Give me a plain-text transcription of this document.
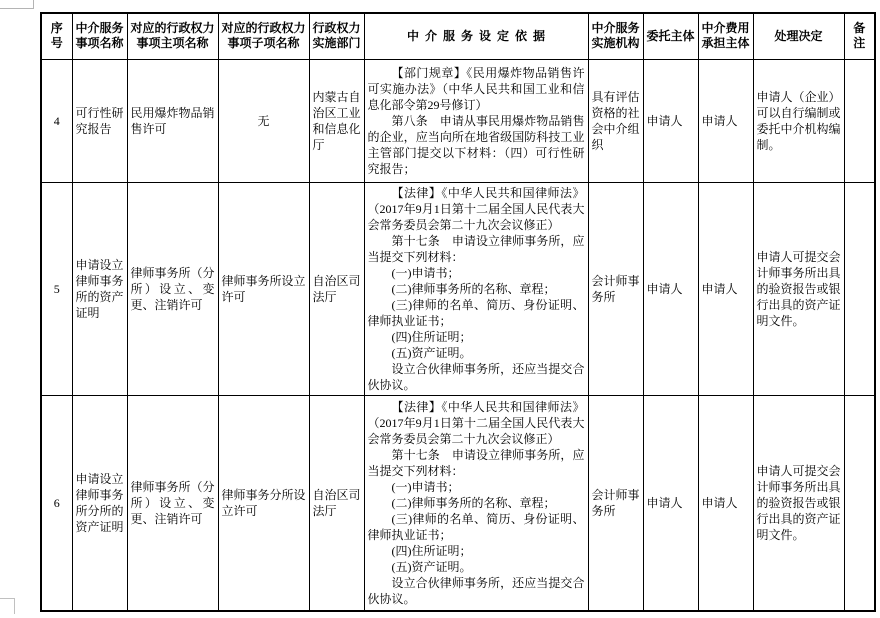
序号	中介服务事项名称	对应的行政权力事项主项名称	对应的行政权力事项子项名称	行政权力实施部门	中介服务设定依据	中介服务实施机构	委托主体	中介费用承担主体	处理决定	备注
4	可行性研究报告	民用爆炸物品销售许可	无	内蒙古自治区工业和信息化厅	【部门规章】《民用爆炸物品销售许可实施办法》（中华人民共和国工业和信息化部令第29号修订）

第八条　申请从事民用爆炸物品销售的企业，应当向所在地省级国防科技工业主管部门提交以下材料：（四）可行性研究报告；	具有评估资格的社会中介组织	申请人	申请人	申请人（企业）可以自行编制或委托中介机构编制。	
5	申请设立律师事务所的资产证明	律师事务所（分所）设立、变更、注销许可	律师事务所设立许可	自治区司法厅	

【法律】《中华人民共和国律师法》（2017年9月1日第十二届全国人民代表大会常务委员会第二十九次会议修正）

第十七条　申请设立律师事务所，应当提交下列材料：

(一)申请书；

(二)律师事务所的名称、章程；

(三)律师的名单、简历、身份证明、律师执业证书；

(四)住所证明；

(五)资产证明。

设立合伙律师事务所，还应当提交合伙协议。

	会计师事务所	申请人	申请人	申请人可提交会计师事务所出具的验资报告或银行出具的资产证明文件。	
6	申请设立律师事务所分所的资产证明	律师事务所（分所）设立、变更、注销许可	律师事务分所设立许可	自治区司法厅	

【法律】《中华人民共和国律师法》（2017年9月1日第十二届全国人民代表大会常务委员会第二十九次会议修正）

第十七条　申请设立律师事务所，应当提交下列材料：

(一)申请书；

(二)律师事务所的名称、章程；

(三)律师的名单、简历、身份证明、律师执业证书；

(四)住所证明；

(五)资产证明。

设立合伙律师事务所，还应当提交合伙协议。

	会计师事务所	申请人	申请人	申请人可提交会计师事务所出具的验资报告或银行出具的资产证明文件。	
